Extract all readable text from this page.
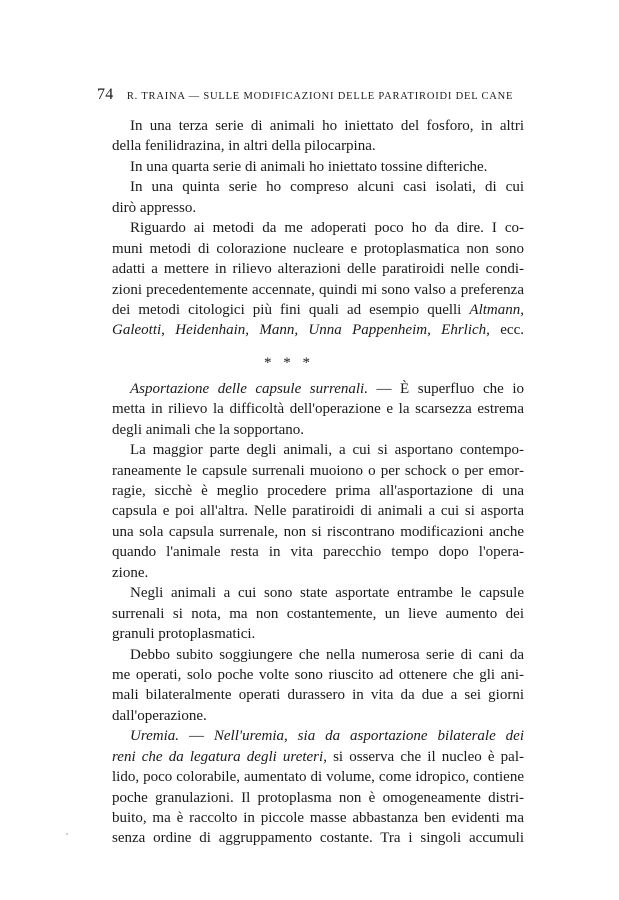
74 R. TRAINA — SULLE MODIFICAZIONI DELLE PARATIROIDI DEL CANE
In una terza serie di animali ho iniettato del fosforo, in altri
della fenilidrazina, in altri della pilocarpina.
In una quarta serie di animali ho iniettato tossine difteriche.
In una quinta serie ho compreso alcuni casi isolati, di cui
dirò appresso.
Riguardo ai metodi da me adoperati poco ho da dire. I co-
muni metodi di colorazione nucleare e protoplasmatica non sono
adatti a mettere in rilievo alterazioni delle paratiroidi nelle condi-
zioni precedentemente accennate, quindi mi sono valso a preferenza
dei metodi citologici più fini quali ad esempio quelli Altmann,
Galeotti, Heidenhain, Mann, Unna Pappenheim, Ehrlich, ecc.
* * *
Asportazione delle capsule surrenali. — È superfluo che io
metta in rilievo la difficoltà dell'operazione e la scarsezza estrema
degli animali che la sopportano.
La maggior parte degli animali, a cui si asportano contempo-
raneamente le capsule surrenali muoiono o per schock o per emor-
ragie, sicchè è meglio procedere prima all'asportazione di una
capsula e poi all'altra. Nelle paratiroidi di animali a cui si asporta
una sola capsula surrenale, non si riscontrano modificazioni anche
quando l'animale resta in vita parecchio tempo dopo l'opera-
zione.
Negli animali a cui sono state asportate entrambe le capsule
surrenali si nota, ma non costantemente, un lieve aumento dei
granuli protoplasmatici.
Debbo subito soggiungere che nella numerosa serie di cani da
me operati, solo poche volte sono riuscito ad ottenere che gli ani-
mali bilateralmente operati durassero in vita da due a sei giorni
dall'operazione.
Uremia. — Nell'uremia, sia da asportazione bilaterale dei
reni che da legatura degli ureteri, si osserva che il nucleo è pal-
lido, poco colorabile, aumentato di volume, come idropico, contiene
poche granulazioni. Il protoplasma non è omogeneamente distri-
buito, ma è raccolto in piccole masse abbastanza ben evidenti ma
senza ordine di aggruppamento costante. Tra i singoli accumuli
